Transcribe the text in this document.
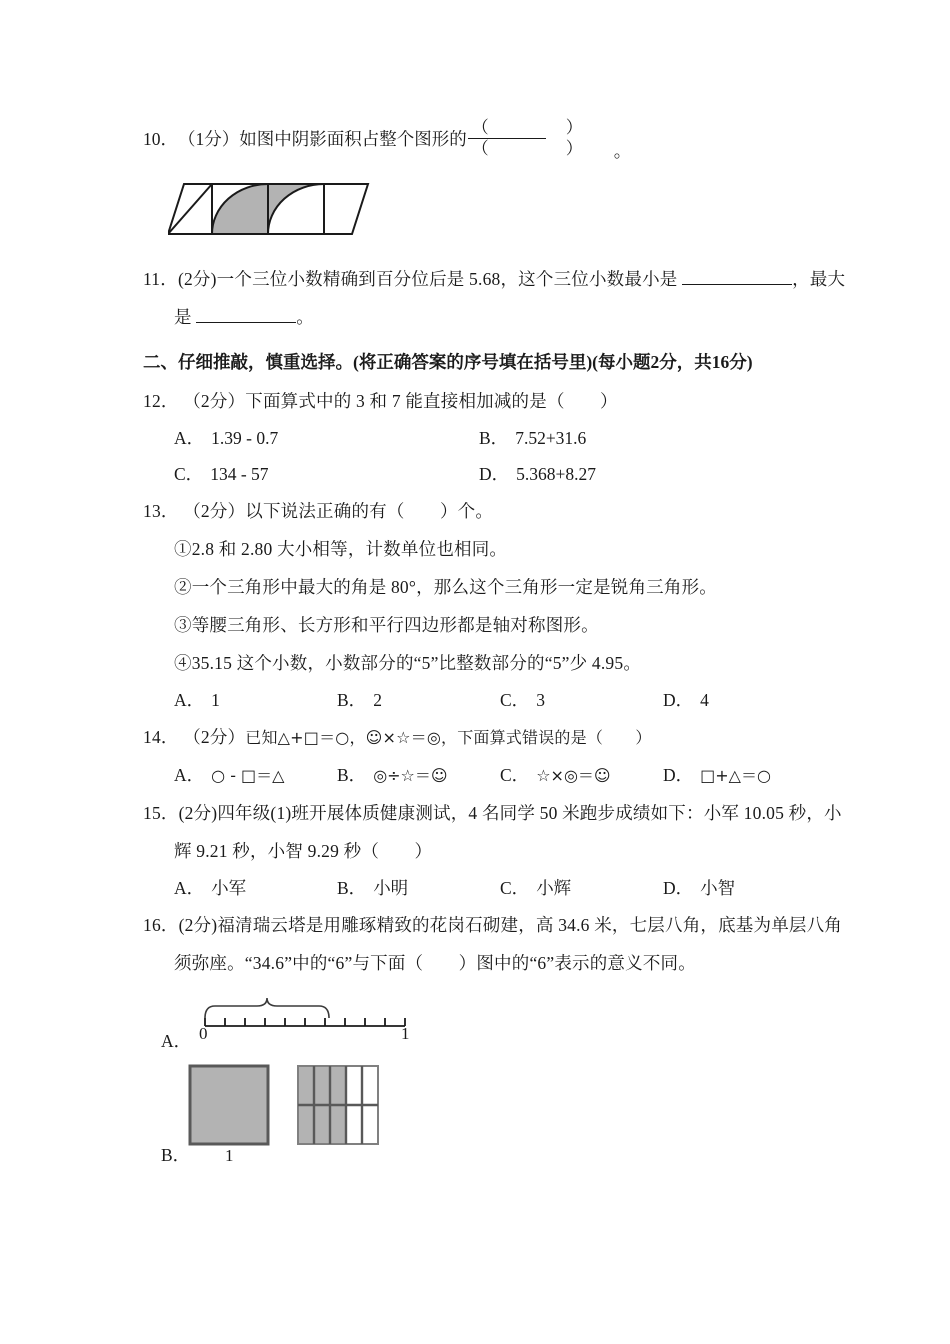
10． （1分） 如图中阴影面积占整个图形的 $\frac{( )}{( )}$ 。
11．(2分)一个三位小数精确到百分位后是 5.68，这个三位小数最小是	，最大
是	。
二、仔细推敲，慎重选择。(将正确答案的序号填在括号里)(每小题2分，共16分)
12． （2分）下面算式中的 3 和 7 能直接相加减的是（　　）
A． 1.39 - 0.7	B． 7.52+31.6
C． 134 - 57	D． 5.368+8.27
13． （2分）以下说法正确的有（　　）个。
①2.8 和 2.80 大小相等，计数单位也相同。
②一个三角形中最大的角是 80°，那么这个三角形一定是锐角三角形。
③等腰三角形、长方形和平行四边形都是轴对称图形。
④35.15 这个小数，小数部分的“5”比整数部分的“5”少 4.95。
A． 1	B． 2	C． 3	D． 4
14． （2分）已知△+□＝○，☺×☆＝◎，下面算式错误的是（　　）
A． ○ - □＝△	B． ◎÷☆＝☺	C． ☆×◎＝☺	D． □+△＝○
15．(2分)四年级(1)班开展体质健康测试，4 名同学 50 米跑步成绩如下：小军 10.05 秒，小
辉 9.21 秒，小智 9.29 秒（　　）
A． 小军	B． 小明	C． 小辉	D． 小智
16．(2分)福清瑞云塔是用雕琢精致的花岗石砌建，高 34.6 米，七层八角，底基为单层八角
须弥座。“34.6”中的“6”与下面（　　）图中的“6”表示的意义不同。
A． 0	1
B． 1
